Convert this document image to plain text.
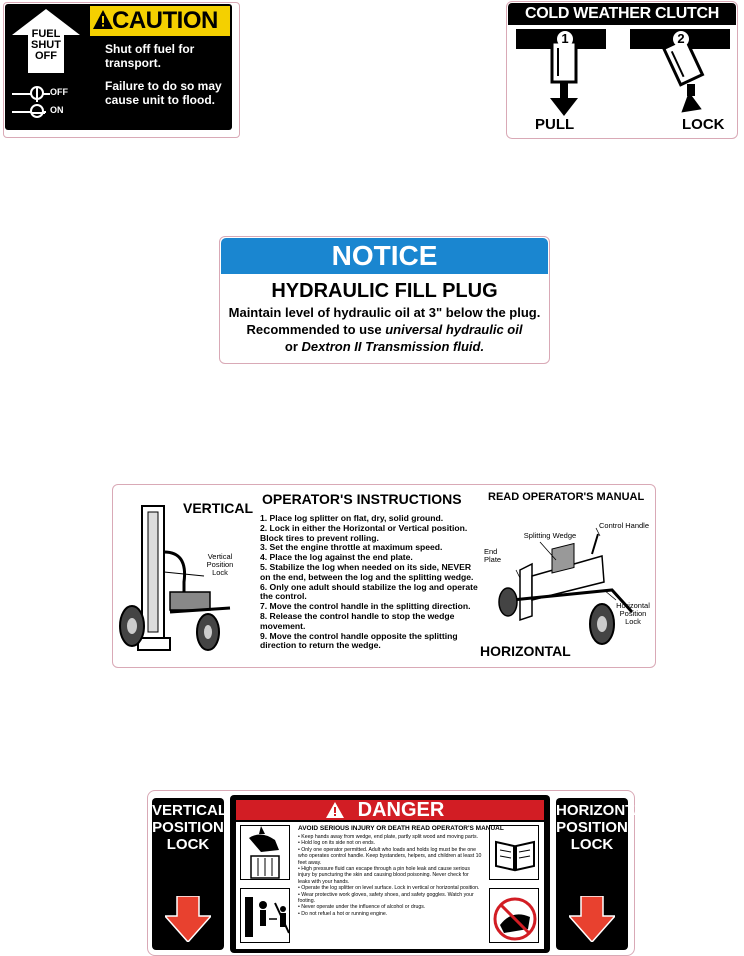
FUEL
SHUT
OFF
OFF
ON
CAUTION
Shut off fuel for transport.
Failure to do so may cause unit to flood.
COLD WEATHER CLUTCH
1
PULL
2
LOCK
NOTICE
HYDRAULIC FILL PLUG
Maintain level of hydraulic oil at 3" below the plug.
Recommended to use universal hydraulic oil
or Dextron II Transmission fluid.
Vertical Position Lock
VERTICAL
OPERATOR'S INSTRUCTIONS READ OPERATOR'S MANUAL
1. Place log splitter on flat, dry, solid ground.
2. Lock in either the Horizontal or Vertical position. Block tires to prevent rolling.
3. Set the engine throttle at maximum speed.
4. Place the log against the end plate.
5. Stabilize the log when needed on its side, NEVER on the end, between the log and the splitting wedge.
6. Only one adult should stabilize the log and operate the control.
7. Move the control handle in the splitting direction.
8. Release the control handle to stop the wedge movement.
9. Move the control handle opposite the splitting direction to return the wedge.
Splitting Wedge
Control Handle
End Plate
Horizontal Position Lock
HORIZONTAL
VERTICAL
POSITION
LOCK
HORIZONTAL
POSITION
LOCK
DANGER
AVOID SERIOUS INJURY OR DEATH READ OPERATOR'S MANUAL
• Keep hands away from wedge, end plate, partly split wood and moving parts.
• Hold log on its side not on ends.
• Only one operator permitted. Adult who loads and holds log must be the one who operates control handle. Keep bystanders, helpers, and children at least 10 feet away.
• High pressure fluid can escape through a pin hole leak and cause serious injury by puncturing the skin and causing blood poisoning. Never check for leaks with your hands.
• Operate the log splitter on level surface. Lock in vertical or horizontal position.
• Wear protective work gloves, safety shoes, and safety goggles. Watch your footing.
• Never operate under the influence of alcohol or drugs.
• Do not refuel a hot or running engine.
